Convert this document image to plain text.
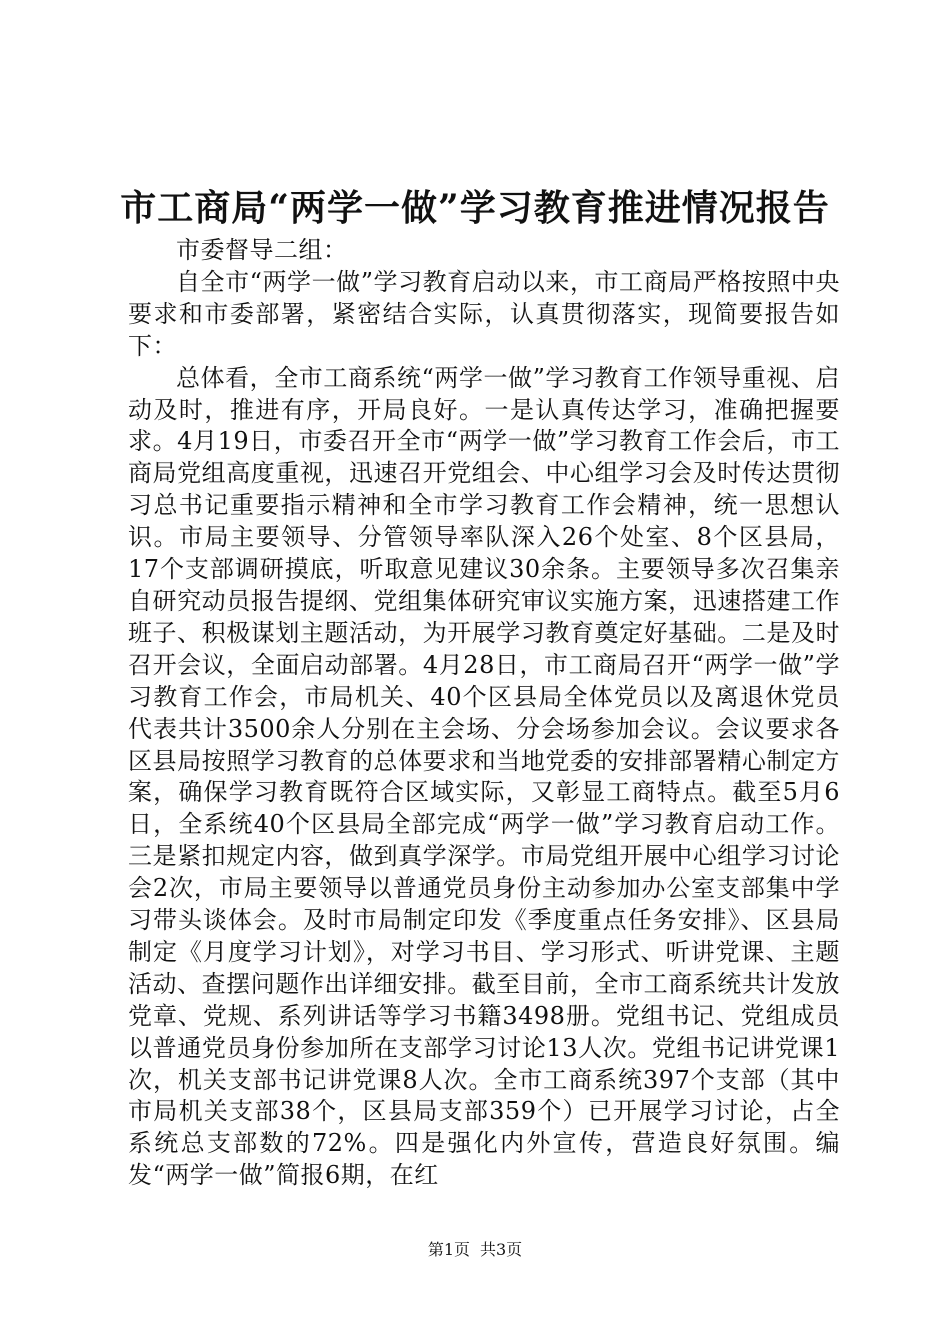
市工商局“两学一做”学习教育推进情况报告

市委督导二组：

自全市“两学一做”学习教育启动以来，市工商局严格按照中央要求和市委部署，紧密结合实际，认真贯彻落实，现简要报告如下：

总体看，全市工商系统“两学一做”学习教育工作领导重视、启动及时，推进有序，开局良好。一是认真传达学习，准确把握要求。4月19日，市委召开全市“两学一做”学习教育工作会后，市工商局党组高度重视，迅速召开党组会、中心组学习会及时传达贯彻习总书记重要指示精神和全市学习教育工作会精神，统一思想认识。市局主要领导、分管领导率队深入26个处室、8个区县局，17个支部调研摸底，听取意见建议30余条。主要领导多次召集亲自研究动员报告提纲、党组集体研究审议实施方案，迅速搭建工作班子、积极谋划主题活动，为开展学习教育奠定好基础。二是及时召开会议，全面启动部署。4月28日，市工商局召开“两学一做”学习教育工作会，市局机关、40个区县局全体党员以及离退休党员代表共计3500余人分别在主会场、分会场参加会议。会议要求各区县局按照学习教育的总体要求和当地党委的安排部署精心制定方案，确保学习教育既符合区域实际，又彰显工商特点。截至5月6日，全系统40个区县局全部完成“两学一做”学习教育启动工作。三是紧扣规定内容，做到真学深学。市局党组开展中心组学习讨论会2次，市局主要领导以普通党员身份主动参加办公室支部集中学习带头谈体会。及时市局制定印发《季度重点任务安排》、区县局制定《月度学习计划》，对学习书目、学习形式、听讲党课、主题活动、查摆问题作出详细安排。截至目前，全市工商系统共计发放党章、党规、系列讲话等学习书籍3498册。党组书记、党组成员以普通党员身份参加所在支部学习讨论13人次。党组书记讲党课1次，机关支部书记讲党课8人次。全市工商系统397个支部（其中市局机关支部38个，区县局支部359个）已开展学习讨论，占全系统总支部数的72%。四是强化内外宣传，营造良好氛围。编发“两学一做”简报6期，在红

第1页 共3页
